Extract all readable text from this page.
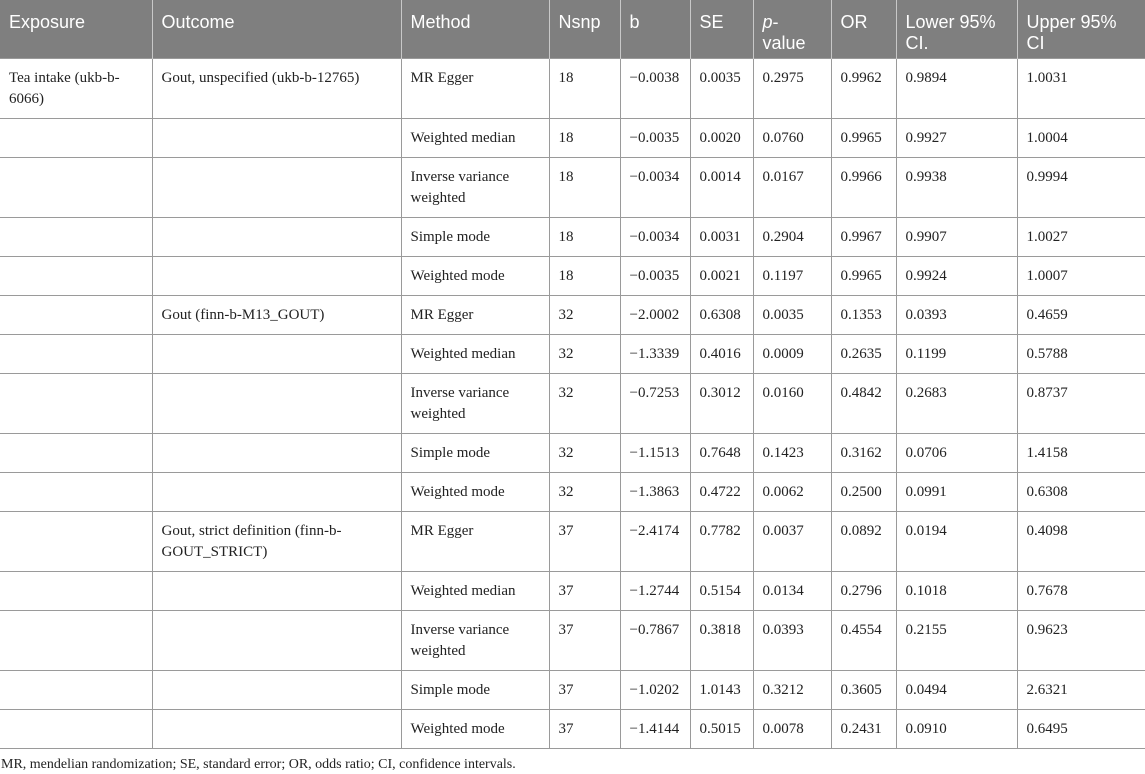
Exposure	Outcome	Method	Nsnp	b	SE	p-value	OR	Lower 95% CI.	Upper 95% CI
Tea intake (ukb-b-6066)	Gout, unspecified (ukb-b-12765)	MR Egger	18	−0.0038	0.0035	0.2975	0.9962	0.9894	1.0031
		Weighted median	18	−0.0035	0.0020	0.0760	0.9965	0.9927	1.0004
		Inverse variance weighted	18	−0.0034	0.0014	0.0167	0.9966	0.9938	0.9994
		Simple mode	18	−0.0034	0.0031	0.2904	0.9967	0.9907	1.0027
		Weighted mode	18	−0.0035	0.0021	0.1197	0.9965	0.9924	1.0007
	Gout (finn-b-M13_GOUT)	MR Egger	32	−2.0002	0.6308	0.0035	0.1353	0.0393	0.4659
		Weighted median	32	−1.3339	0.4016	0.0009	0.2635	0.1199	0.5788
		Inverse variance weighted	32	−0.7253	0.3012	0.0160	0.4842	0.2683	0.8737
		Simple mode	32	−1.1513	0.7648	0.1423	0.3162	0.0706	1.4158
		Weighted mode	32	−1.3863	0.4722	0.0062	0.2500	0.0991	0.6308
	Gout, strict definition (finn-b-GOUT_STRICT)	MR Egger	37	−2.4174	0.7782	0.0037	0.0892	0.0194	0.4098
		Weighted median	37	−1.2744	0.5154	0.0134	0.2796	0.1018	0.7678
		Inverse variance weighted	37	−0.7867	0.3818	0.0393	0.4554	0.2155	0.9623
		Simple mode	37	−1.0202	1.0143	0.3212	0.3605	0.0494	2.6321
		Weighted mode	37	−1.4144	0.5015	0.0078	0.2431	0.0910	0.6495
MR, mendelian randomization; SE, standard error; OR, odds ratio; CI, confidence intervals.
